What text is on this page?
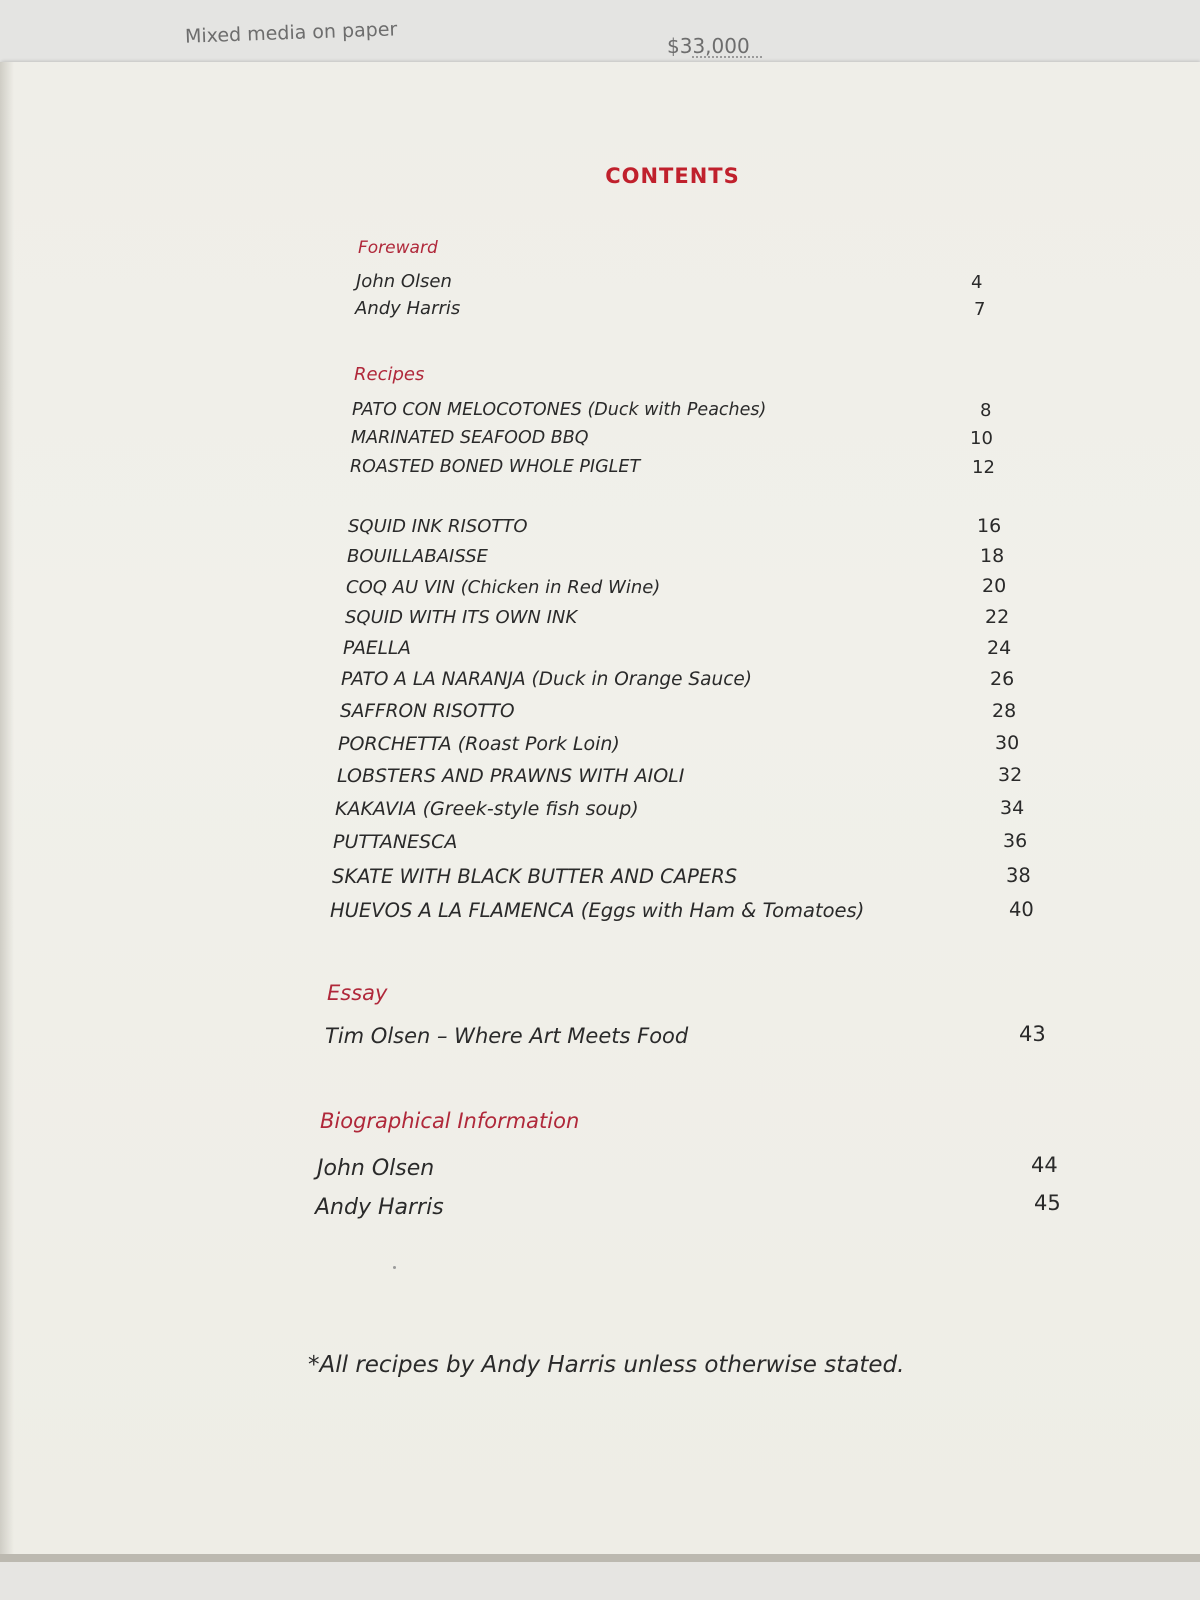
Mixed media on paper	$33,000
CONTENTS
Foreward
John Olsen	4
Andy Harris	7
Recipes
PATO CON MELOCOTONES (Duck with Peaches)	8
MARINATED SEAFOOD BBQ	10
ROASTED BONED WHOLE PIGLET	12
SQUID INK RISOTTO	16
BOUILLABAISSE	18
COQ AU VIN (Chicken in Red Wine)	20
SQUID WITH ITS OWN INK	22
PAELLA	24
PATO A LA NARANJA (Duck in Orange Sauce)	26
SAFFRON RISOTTO	28
PORCHETTA (Roast Pork Loin)	30
LOBSTERS AND PRAWNS WITH AIOLI	32
KAKAVIA (Greek-style fish soup)	34
PUTTANESCA	36
SKATE WITH BLACK BUTTER AND CAPERS	38
HUEVOS A LA FLAMENCA (Eggs with Ham & Tomatoes)	40
Essay
Tim Olsen – Where Art Meets Food	43
Biographical Information
John Olsen	44
Andy Harris	45
*All recipes by Andy Harris unless otherwise stated.
